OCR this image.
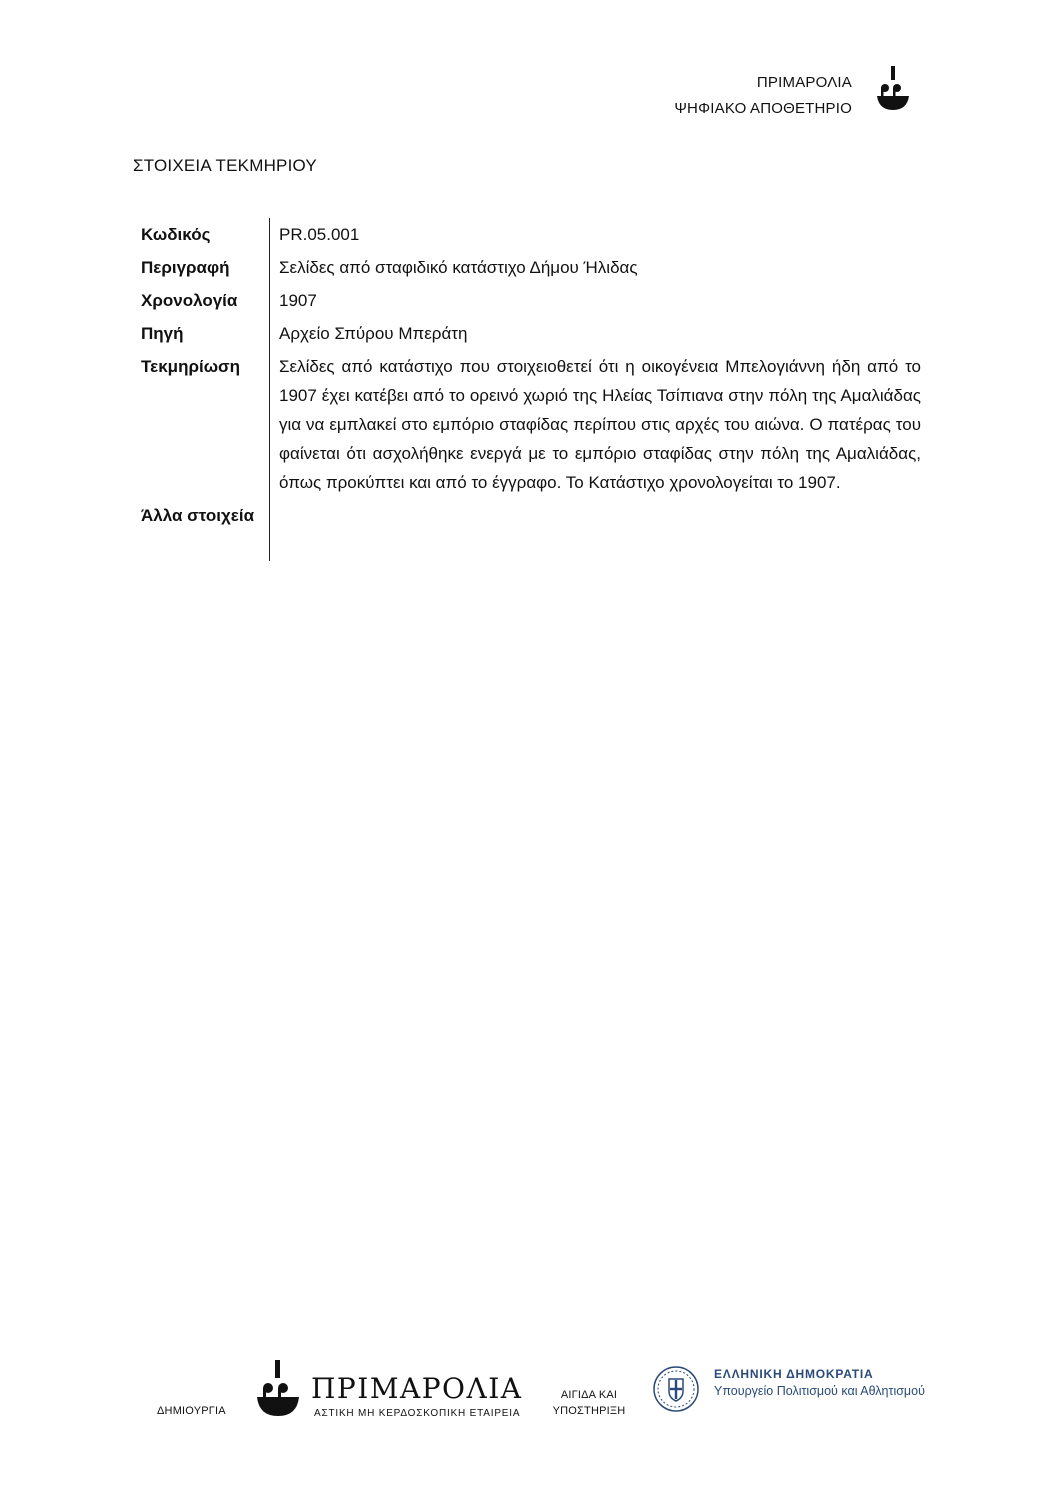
ΠΡΙΜΑΡΟΛΙΑ
ΨΗΦΙΑΚΟ ΑΠΟΘΕΤΗΡΙΟ
ΣΤΟΙΧΕΙΑ ΤΕΚΜΗΡΙΟΥ
Κωδικός	PR.05.001
Περιγραφή	Σελίδες από σταφιδικό κατάστιχο Δήμου Ήλιδας
Χρονολογία	1907
Πηγή	Αρχείο Σπύρου Μπεράτη
Τεκμηρίωση	Σελίδες από κατάστιχο που στοιχειοθετεί ότι η οικογένεια Μπελογιάννη ήδη από το 1907 έχει κατέβει από το ορεινό χωριό της Ηλείας Τσίπιανα στην πόλη της Αμαλιάδας για να εμπλακεί στο εμπόριο σταφίδας περίπου στις αρχές του αιώνα. Ο πατέρας του φαίνεται ότι ασχολήθηκε ενεργά με το εμπόριο σταφίδας στην πόλη της Αμαλιάδας, όπως προκύπτει και από το έγγραφο. Το Κατάστιχο χρονολογείται το 1907.
Άλλα στοιχεία
ΔΗΜΙΟΥΡΓΙΑ
ΠΡΙΜΑΡΟΛΙΑ
ΑΣΤΙΚΗ ΜΗ ΚΕΡΔΟΣΚΟΠΙΚΗ ΕΤΑΙΡΕΙΑ
ΑΙΓΙΔΑ ΚΑΙ ΥΠΟΣΤΗΡΙΞΗ
ΕΛΛΗΝΙΚΗ ΔΗΜΟΚΡΑΤΙΑ
Υπουργείο Πολιτισμού και Αθλητισμού
